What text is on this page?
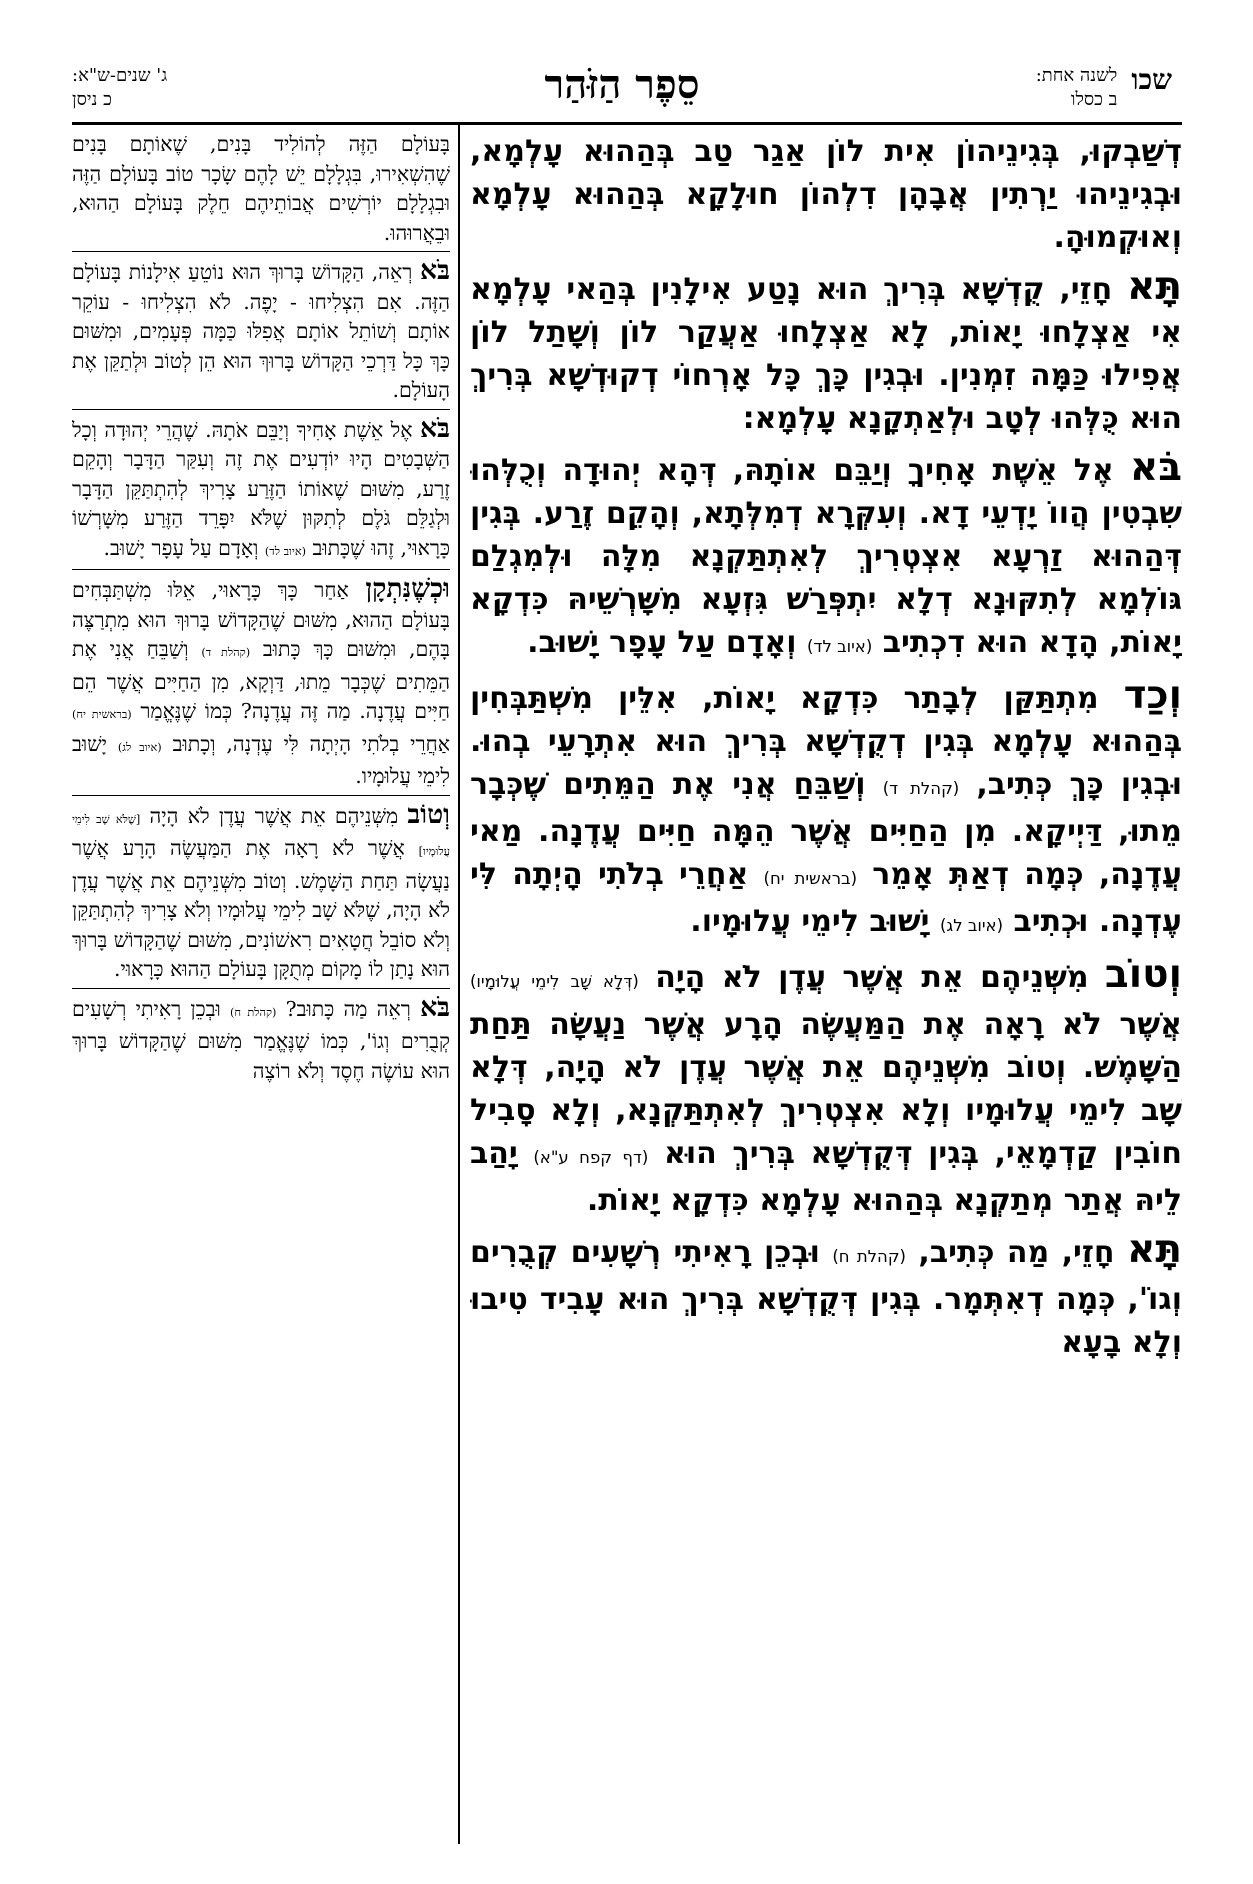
שכו
לשנה אחת:
ב כסלו
סֵפֶר הַזֹּהַר
ג' שנים-ש"א:
כ ניסן

דְשַׁבְקוּ, בְּגִינֵיהוֹן אִית לוֹן אַגַר טַב בְּהַהוּא עָלְמָא, וּבְגִינֵיהוּ יַרְתִין אֲבָהָן דִלְהוֹן חוּלָקָא בְּהַהוּא עָלְמָא וְאוּקְמוּהָ.

תָּא חָזֵי, קֻדְשָׁא בְּרִיךְ הוּא נָטַע אִילָנִין בְּהַאי עָלְמָא אִי אַצְלָחוּ יָאוֹת, לָא אַצְלָחוּ אַעֲקַר לוֹן וְשָׁתַל לוֹן אֲפִילוּ כַּמָּה זִמְנִין. וּבְגִין כָּךְ כָּל אָרְחוֹי דְקוּדְשָׁא בְּרִיךְ הוּא כֻּלְּהוּ לְטָב וּלְאַתְקָנָא עָלְמָא:

בֹּא אֶל אֵשֶׁת אָחִיךָ וְיַבֵּם אוֹתָהּ, דְּהָא יְהוּדָה וְכֻלְּהוּ שִׁבְטִין הֲווֹ יָדְעֵי דָא. וְעִקְּרָא דְמִלְּתָא, וְהָקֵם זֶרַע. בְּגִין דְּהַהוּא זַרְעָא אִצְטְרִיךְ לְאִתְתַּקְנָא מִלָּה וּלְמִגְלַם גּוֹלְמָא לְתִקּוּנָא דְלָא יִתְפְּרַשׁ גִּזְעָא מִשָּׁרְשֵׁיהּ כִּדְקָא יָאוֹת, הָדָא הוּא דִכְתִיב (איוב לד) וְאָדָם עַל עָפָר יָשׁוּב.

וְכַד מִתְתַּקַּן לְבָתַר כִּדְקָא יָאוֹת, אִלֵּין מִשְׁתַּבְּחִין בְּהַהוּא עָלְמָא בְּגִין דְקֻדְשָׁא בְּרִיךְ הוּא אִתְרָעֵי בְהוּ. וּבְגִין כָּךְ כְּתִיב, (קהלת ד) וְשַׁבֵּחַ אֲנִי אֶת הַמֵּתִים שֶׁכְּבָר מֵתוּ, דַּיְיקָא. מִן הַחַיִּים אֲשֶׁר הֵמָּה חַיִּים עֲדֶנָה. מַאי עֲדֶנָה, כְּמָה דְאַתְּ אָמֵר (בראשית יח) אַחֲרֵי בְלֹתִי הָיְתָה לִּי עֶדְנָה. וּכְתִיב (איוב לג) יָשׁוּב לִימֵי עֲלוּמָיו.

וְטוֹב מִשְּׁנֵיהֶם אֵת אֲשֶׁר עֲדֶן לֹא הָיָה (דְּלָא שָׁב לִימֵי עֲלוּמָיו) אֲשֶׁר לֹא רָאָה אֶת הַמַּעֲשֶׂה הָרָע אֲשֶׁר נַעֲשָׂה תַּחַת הַשָּׁמֶשׁ. וְטוֹב מִשְּׁנֵיהֶם אֵת אֲשֶׁר עֲדֶן לֹא הָיָה, דְּלָא שָׁב לִימֵי עֲלוּמָיו וְלָא אִצְטְרִיךְ לְאִתְתַּקְנָא, וְלָא סָבִיל חוֹבִין קַדְמָאֵי, בְּגִין דְּקֻדְשָׁא בְּרִיךְ הוּא (דף קפח ע"א) יָהַב לֵיהּ אֲתַר מְתַקְנָא בְּהַהוּא עָלְמָא כִּדְקָא יָאוֹת.

תָּא חָזֵי, מַה כְּתִיב, (קהלת ח) וּבְכֵן רָאִיתִי רְשָׁעִים קְבֻרִים וְגוֹ', כְּמָה דְאִתְּמָר. בְּגִין דְּקֻדְשָׁא בְּרִיךְ הוּא עָבִיד טִיבוּ וְלָא בָעָא

בָּעוֹלָם הַזֶּה לְהוֹלִיד בָּנִים, שֶׁאוֹתָם בָּנִים שֶׁהִשְׁאִירוּ, בִּגְלָלָם יֵשׁ לָהֶם שָׂכָר טוֹב בָּעוֹלָם הַזֶּה וּבִגְלָלָם יוֹרְשִׁים אֲבוֹתֵיהֶם חֵלֶק בָּעוֹלָם הַהוּא, וּבֵאֲרוּהוּ.

בֹּא רְאֵה, הַקָּדוֹשׁ בָּרוּךְ הוּא נוֹטֵעַ אִילָנוֹת בָּעוֹלָם הַזֶּה. אִם הִצְלִיחוּ - יָפֶה. לֹא הִצְלִיחוּ - עוֹקֵר אוֹתָם וְשׁוֹתֵל אוֹתָם אֲפִלּוּ כַּמָּה פְּעָמִים, וּמִשּׁוּם כָּךְ כָּל דַּרְכֵי הַקָּדוֹשׁ בָּרוּךְ הוּא הֵן לְטוֹב וּלְתַקֵּן אֶת הָעוֹלָם.

בֹּא אֶל אֵשֶׁת אָחִיךָ וְיַבֵּם אֹתָהּ. שֶׁהֲרֵי יְהוּדָה וְכָל הַשְּׁבָטִים הָיוּ יוֹדְעִים אֶת זֶה וְעִקַּר הַדָּבָר וְהָקֵם זֶרַע, מִשּׁוּם שֶׁאוֹתוֹ הַזֶּרַע צָרִיךְ לְהִתְתַּקֵּן הַדָּבָר וּלְגַלֵּם גֹּלֶם לְתִקּוּן שֶׁלֹּא יִפָּרֵד הַזֶּרַע מִשָּׁרְשׁוֹ כָּרָאוּי, זֶהוּ שֶׁכָּתוּב (איוב לד) וְאָדָם עַל עָפָר יָשׁוּב.

וּכְשֶׁנִּתְקָן אַחַר כָּךְ כָּרָאוּי, אֵלּוּ מִשְׁתַּבְּחִים בָּעוֹלָם הַהוּא, מִשּׁוּם שֶׁהַקָּדוֹשׁ בָּרוּךְ הוּא מִתְרַצֶּה בָּהֶם, וּמִשּׁוּם כָּךְ כָּתוּב (קהלת ד) וְשַׁבֵּחַ אֲנִי אֶת הַמֵּתִים שֶׁכְּבָר מֵתוּ, דַּוְקָא, מִן הַחַיִּים אֲשֶׁר הֵם חַיִּים עֲדֶנָה. מַה זֶּה עֲדֶנָה? כְּמוֹ שֶׁנֶּאֱמַר (בראשית יח) אַחֲרֵי בְלֹתִי הָיְתָה לִּי עֶדְנָה, וְכָתוּב (איוב לג) יָשׁוּב לִימֵי עֲלוּמָיו.

וְטוֹב מִשְּׁנֵיהֶם אֵת אֲשֶׁר עֲדֶן לֹא הָיָה [שֶׁלֹּא שָׁב לִימֵי עֲלוּמָיו] אֲשֶׁר לֹא רָאָה אֶת הַמַּעֲשֶׂה הָרָע אֲשֶׁר נַעֲשָׂה תַּחַת הַשָּׁמֶשׁ. וְטוֹב מִשְּׁנֵיהֶם אֵת אֲשֶׁר עֲדֶן לֹא הָיָה, שֶׁלֹּא שָׁב לִימֵי עֲלוּמָיו וְלֹא צָרִיךְ לְהִתְתַּקֵּן וְלֹא סוֹבֵל חֲטָאִים רִאשׁוֹנִים, מִשּׁוּם שֶׁהַקָּדוֹשׁ בָּרוּךְ הוּא נָתַן לוֹ מָקוֹם מְתֻקָּן בָּעוֹלָם הַהוּא כָּרָאוּי.

בֹּא רְאֵה מַה כָּתוּב? (קהלת ח) וּבְכֵן רָאִיתִי רְשָׁעִים קְבֻרִים וְגוֹ', כְּמוֹ שֶׁנֶּאֱמַר מִשּׁוּם שֶׁהַקָּדוֹשׁ בָּרוּךְ הוּא עוֹשֶׂה חֶסֶד וְלֹא רוֹצֶה
